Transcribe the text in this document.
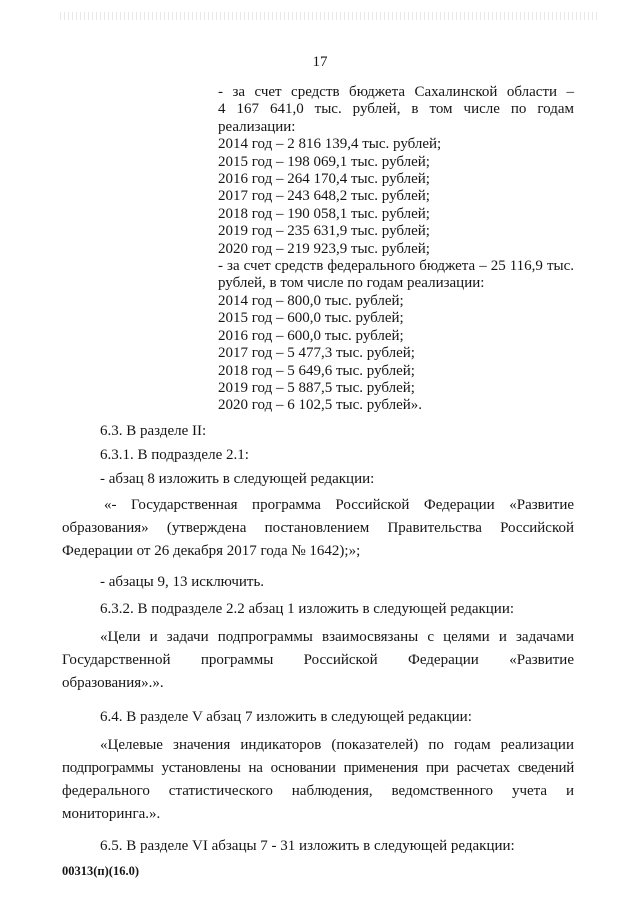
17
- за счет средств бюджета Сахалинской области –
4 167 641,0 тыс. рублей, в том числе по годам
реализации:
2014 год – 2 816 139,4 тыс. рублей;
2015 год – 198 069,1 тыс. рублей;
2016 год – 264 170,4 тыс. рублей;
2017 год – 243 648,2 тыс. рублей;
2018 год – 190 058,1 тыс. рублей;
2019 год – 235 631,9 тыс. рублей;
2020 год – 219 923,9 тыс. рублей;
- за счет средств федерального бюджета – 25 116,9 тыс.
рублей, в том числе по годам реализации:
2014 год – 800,0 тыс. рублей;
2015 год – 600,0 тыс. рублей;
2016 год – 600,0 тыс. рублей;
2017 год – 5 477,3 тыс. рублей;
2018 год – 5 649,6 тыс. рублей;
2019 год – 5 887,5 тыс. рублей;
2020 год – 6 102,5 тыс. рублей».
6.3. В разделе II:
6.3.1. В подразделе 2.1:
- абзац 8 изложить в следующей редакции:
«- Государственная программа Российской Федерации «Развитие
образования» (утверждена постановлением Правительства Российской
Федерации от 26 декабря 2017 года № 1642);»;
- абзацы 9, 13 исключить.
6.3.2. В подразделе 2.2 абзац 1 изложить в следующей редакции:
«Цели и задачи подпрограммы взаимосвязаны с целями и задачами
Государственной программы Российской Федерации «Развитие
образования».».
6.4. В разделе V абзац 7 изложить в следующей редакции:
«Целевые значения индикаторов (показателей) по годам реализации
подпрограммы установлены на основании применения при расчетах сведений
федерального статистического наблюдения, ведомственного учета и
мониторинга.».
6.5. В разделе VI абзацы 7 - 31 изложить в следующей редакции:
00313(п)(16.0)
